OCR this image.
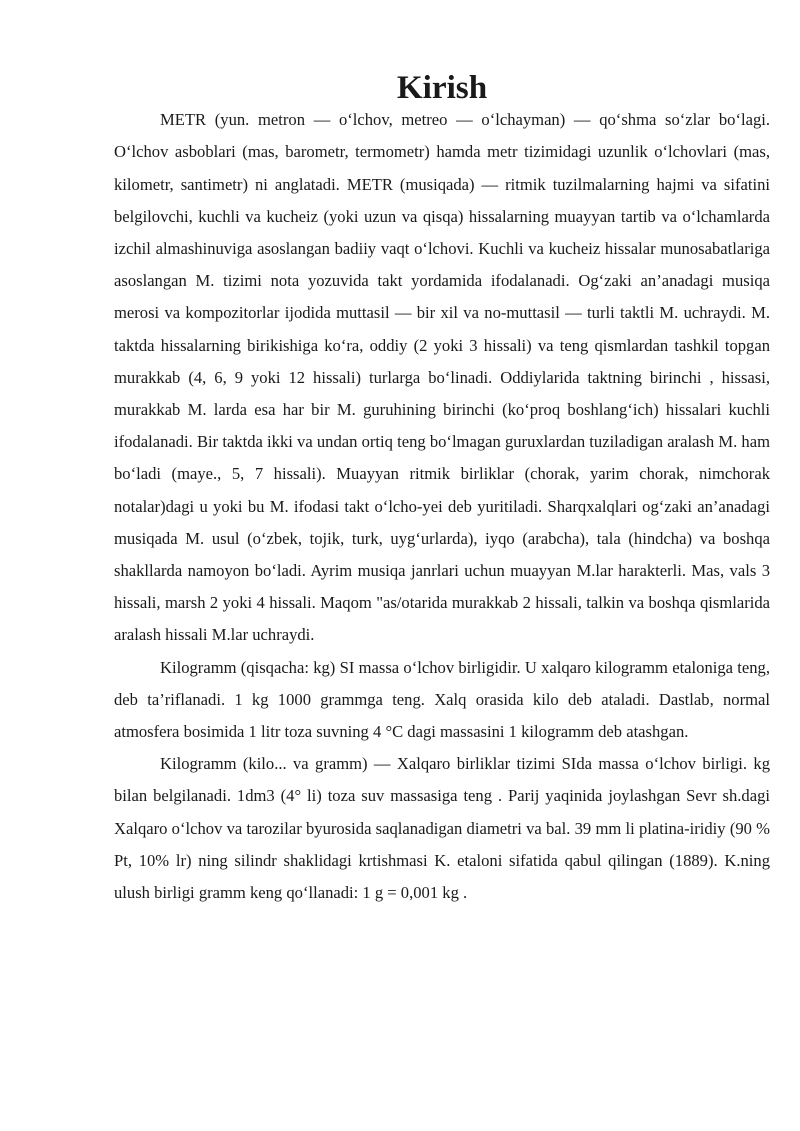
Kirish

METR (yun. metron — o‘lchov, metreo — o‘lchayman) — qo‘shma so‘zlar bo‘lagi. O‘lchov asboblari (mas, barometr, termometr) hamda metr tizimidagi uzunlik o‘lchovlari (mas, kilometr, santimetr) ni anglatadi. METR (musiqada) — ritmik tuzilmalarning hajmi va sifatini belgilovchi, kuchli va kucheiz (yoki uzun va qisqa) hissalarning muayyan tartib va o‘lchamlarda izchil almashinuviga asoslangan badiiy vaqt o‘lchovi. Kuchli va kucheiz hissalar munosabatlariga asoslangan M. tizimi nota yozuvida takt yordamida ifodalanadi. Og‘zaki an’anadagi musiqa merosi va kompozitorlar ijodida muttasil — bir xil va no-muttasil — turli taktli M. uchraydi. M. taktda hissalarning birikishiga ko‘ra, oddiy (2 yoki 3 hissali) va teng qismlardan tashkil topgan murakkab (4, 6, 9 yoki 12 hissali) turlarga bo‘linadi. Oddiylarida taktning birinchi , hissasi, murakkab M. larda esa har bir M. guruhining birinchi (ko‘proq boshlang‘ich) hissalari kuchli ifodalanadi. Bir taktda ikki va undan ortiq teng bo‘lmagan guruxlardan tuziladigan aralash M. ham bo‘ladi (maye., 5, 7 hissali). Muayyan ritmik birliklar (chorak, yarim chorak, nimchorak notalar)dagi u yoki bu M. ifodasi takt o‘lcho-yei deb yuritiladi. Sharqxalqlari og‘zaki an’anadagi musiqada M. usul (o‘zbek, tojik, turk, uyg‘urlarda), iyqo (arabcha), tala (hindcha) va boshqa shakllarda namoyon bo‘ladi. Ayrim musiqa janrlari uchun muayyan M.lar harakterli. Mas, vals 3 hissali, marsh 2 yoki 4 hissali. Maqom "as/otarida murakkab 2 hissali, talkin va boshqa qismlarida aralash hissali M.lar uchraydi.

Kilogramm (qisqacha: kg) SI massa o‘lchov birligidir. U xalqaro kilogramm etaloniga teng, deb ta’riflanadi. 1 kg 1000 grammga teng. Xalq orasida kilo deb ataladi. Dastlab, normal atmosfera bosimida 1 litr toza suvning 4 °C dagi massasini 1 kilogramm deb atashgan.

Kilogramm (kilo... va gramm) — Xalqaro birliklar tizimi SIda massa o‘lchov birligi. kg bilan belgilanadi. 1dm3 (4° li) toza suv massasiga teng . Parij yaqinida joylashgan Sevr sh.dagi Xalqaro o‘lchov va tarozilar byurosida saqlanadigan diametri va bal. 39 mm li platina-iridiy (90 % Pt, 10% lr) ning silindr shaklidagi krtishmasi K. etaloni sifatida qabul qilingan (1889). K.ning ulush birligi gramm keng qo‘llanadi: 1 g = 0,001 kg .
